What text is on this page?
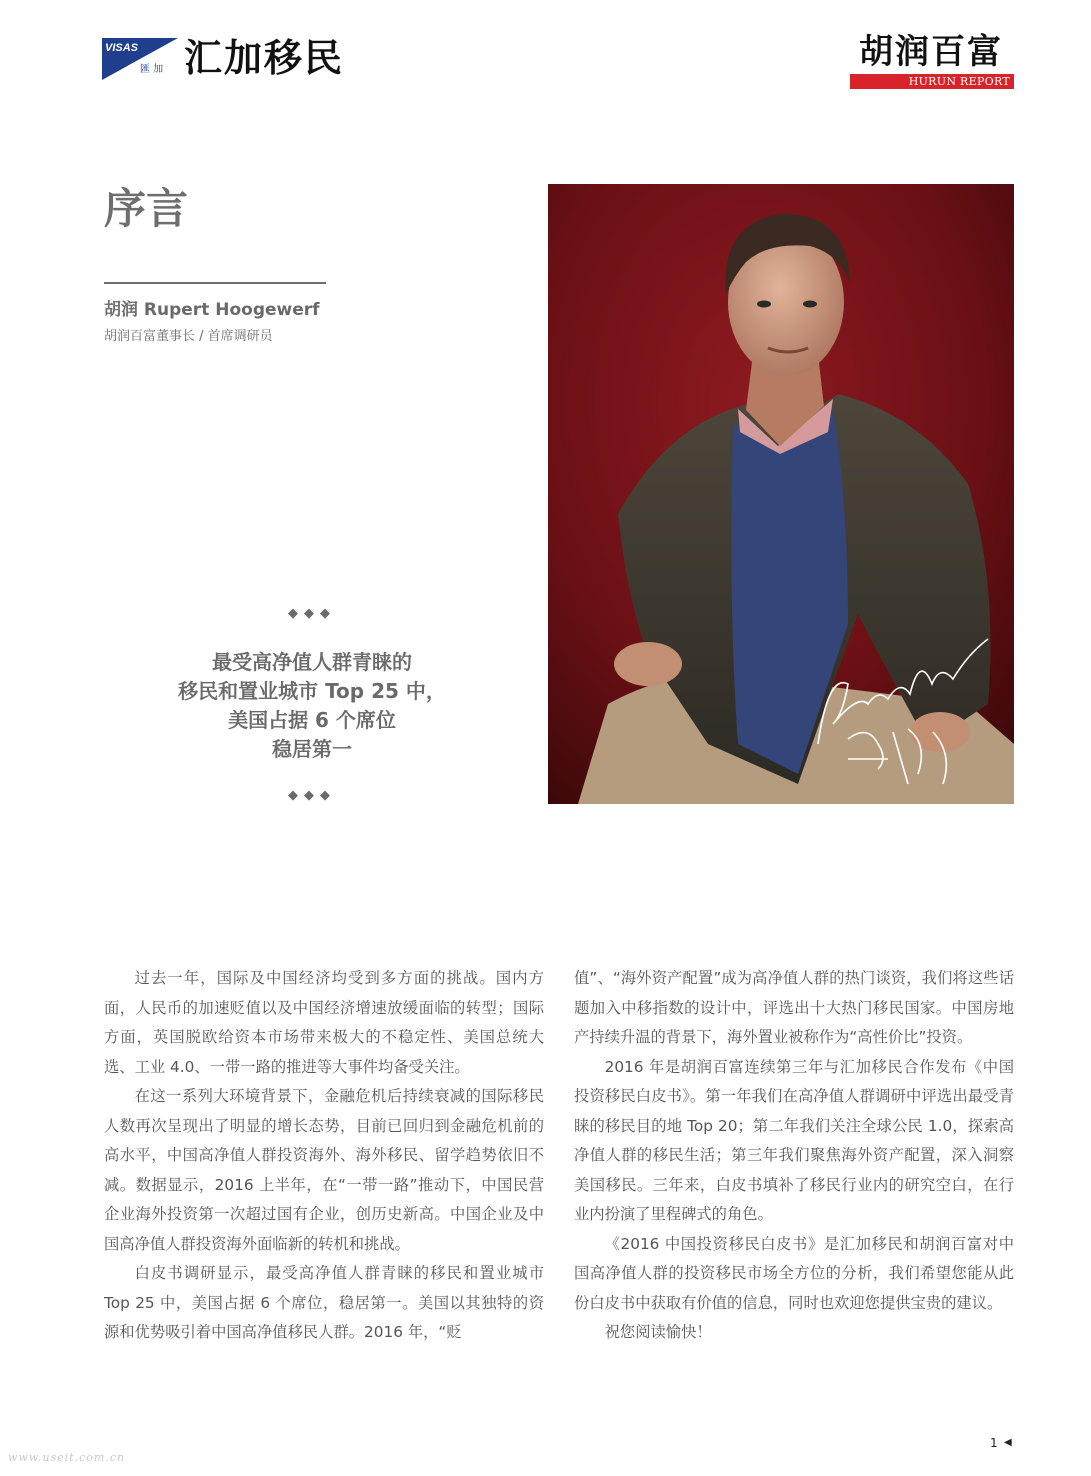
VISAS
匯 加 汇加移民	胡润百富
HURUN REPORT
序言
胡润 Rupert Hoogewerf
胡润百富董事长 / 首席调研员
◆◆◆
最受高净值人群青睐的
移民和置业城市 Top 25 中，
美国占据 6 个席位
稳居第一
◆◆◆

过去一年，国际及中国经济均受到多方面的挑战。国内方面，人民币的加速贬值以及中国经济增速放缓面临的转型；国际方面，英国脱欧给资本市场带来极大的不稳定性、美国总统大选、工业 4.0、一带一路的推进等大事件均备受关注。

在这一系列大环境背景下，金融危机后持续衰减的国际移民人数再次呈现出了明显的增长态势，目前已回归到金融危机前的高水平，中国高净值人群投资海外、海外移民、留学趋势依旧不减。数据显示，2016 上半年，在“一带一路”推动下，中国民营企业海外投资第一次超过国有企业，创历史新高。中国企业及中国高净值人群投资海外面临新的转机和挑战。

白皮书调研显示，最受高净值人群青睐的移民和置业城市 Top 25 中，美国占据 6 个席位，稳居第一。美国以其独特的资源和优势吸引着中国高净值移民人群。2016 年，“贬

值”、“海外资产配置”成为高净值人群的热门谈资，我们将这些话题加入中移指数的设计中，评选出十大热门移民国家。中国房地产持续升温的背景下，海外置业被称作为“高性价比”投资。

2016 年是胡润百富连续第三年与汇加移民合作发布《中国投资移民白皮书》。第一年我们在高净值人群调研中评选出最受青睐的移民目的地 Top 20；第二年我们关注全球公民 1.0，探索高净值人群的移民生活；第三年我们聚焦海外资产配置，深入洞察美国移民。三年来，白皮书填补了移民行业内的研究空白，在行业内扮演了里程碑式的角色。

《2016 中国投资移民白皮书》是汇加移民和胡润百富对中国高净值人群的投资移民市场全方位的分析，我们希望您能从此份白皮书中获取有价值的信息，同时也欢迎您提供宝贵的建议。

祝您阅读愉快！

1 ◀
www.useit.com.cn
